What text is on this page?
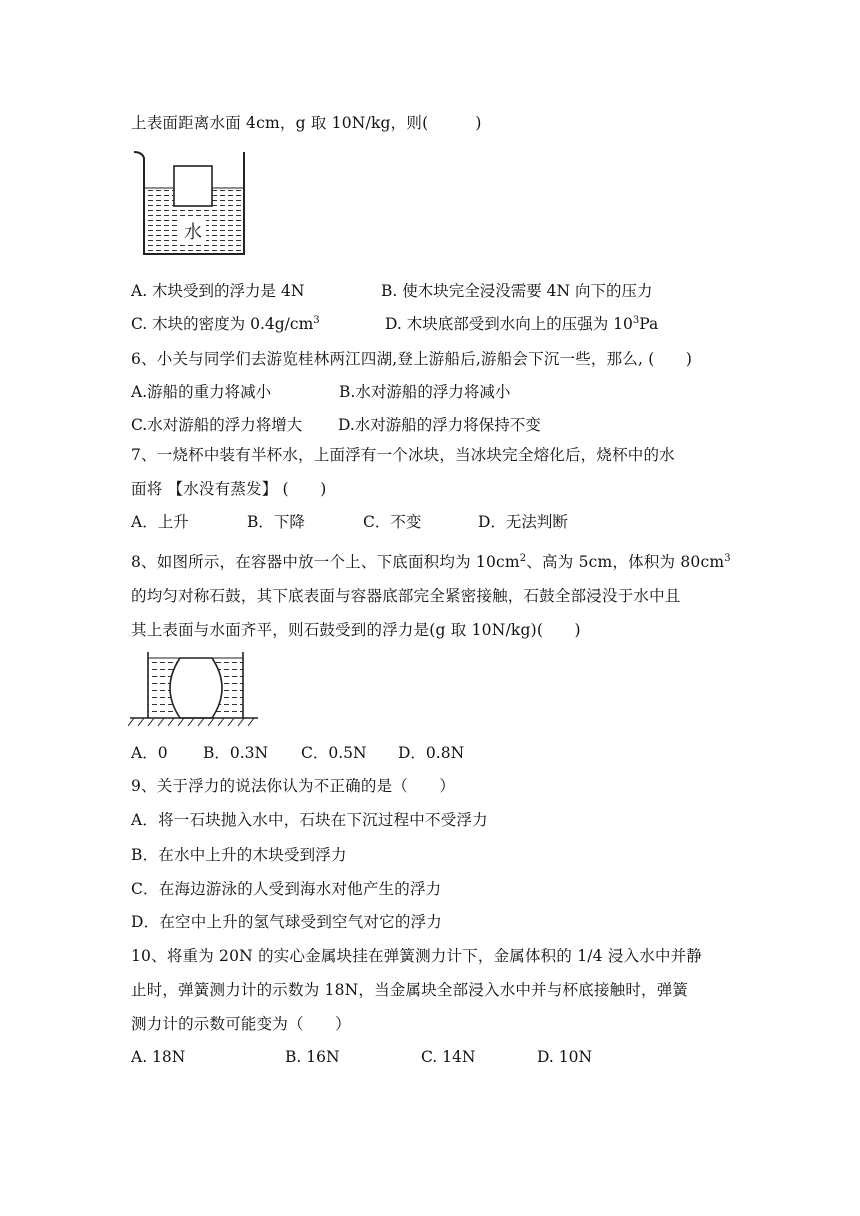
上表面距离水面 4cm，g 取 10N/kg，则(　　　)
水
A. 木块受到的浮力是 4N	B. 使木块完全浸没需要 4N 向下的压力
C. 木块的密度为 $0.4g/cm^3$	D. 木块底部受到水向上的压强为 $10^3Pa$
6、小关与同学们去游览桂林两江四湖,登上游船后,游船会下沉一些，那么, (　　)
A.游船的重力将减小	B.水对游船的浮力将减小
C.水对游船的浮力将增大 D.水对游船的浮力将保持不变
7、一烧杯中装有半杯水，上面浮有一个冰块，当冰块完全熔化后，烧杯中的水
面将 【水没有蒸发】 (　　)
A．上升	B．下降	C．不变	D．无法判断
8、如图所示，在容器中放一个上、下底面积均为 $10cm^2$、高为 5cm，体积为 $80cm^3$
的均匀对称石鼓，其下底表面与容器底部完全紧密接触，石鼓全部浸没于水中且
其上表面与水面齐平，则石鼓受到的浮力是(g 取 10N/kg)(　　)
A．0 B．0.3N C．0.5N D．0.8N
9、关于浮力的说法你认为不正确的是（　　）
A．将一石块抛入水中，石块在下沉过程中不受浮力
B．在水中上升的木块受到浮力
C．在海边游泳的人受到海水对他产生的浮力
D．在空中上升的氢气球受到空气对它的浮力
10、将重为 20N 的实心金属块挂在弹簧测力计下，金属体积的 1/4 浸入水中并静
止时，弹簧测力计的示数为 18N，当金属块全部浸入水中并与杯底接触时，弹簧
测力计的示数可能变为（　　）
A. 18N	B. 16N	C. 14N	D. 10N
